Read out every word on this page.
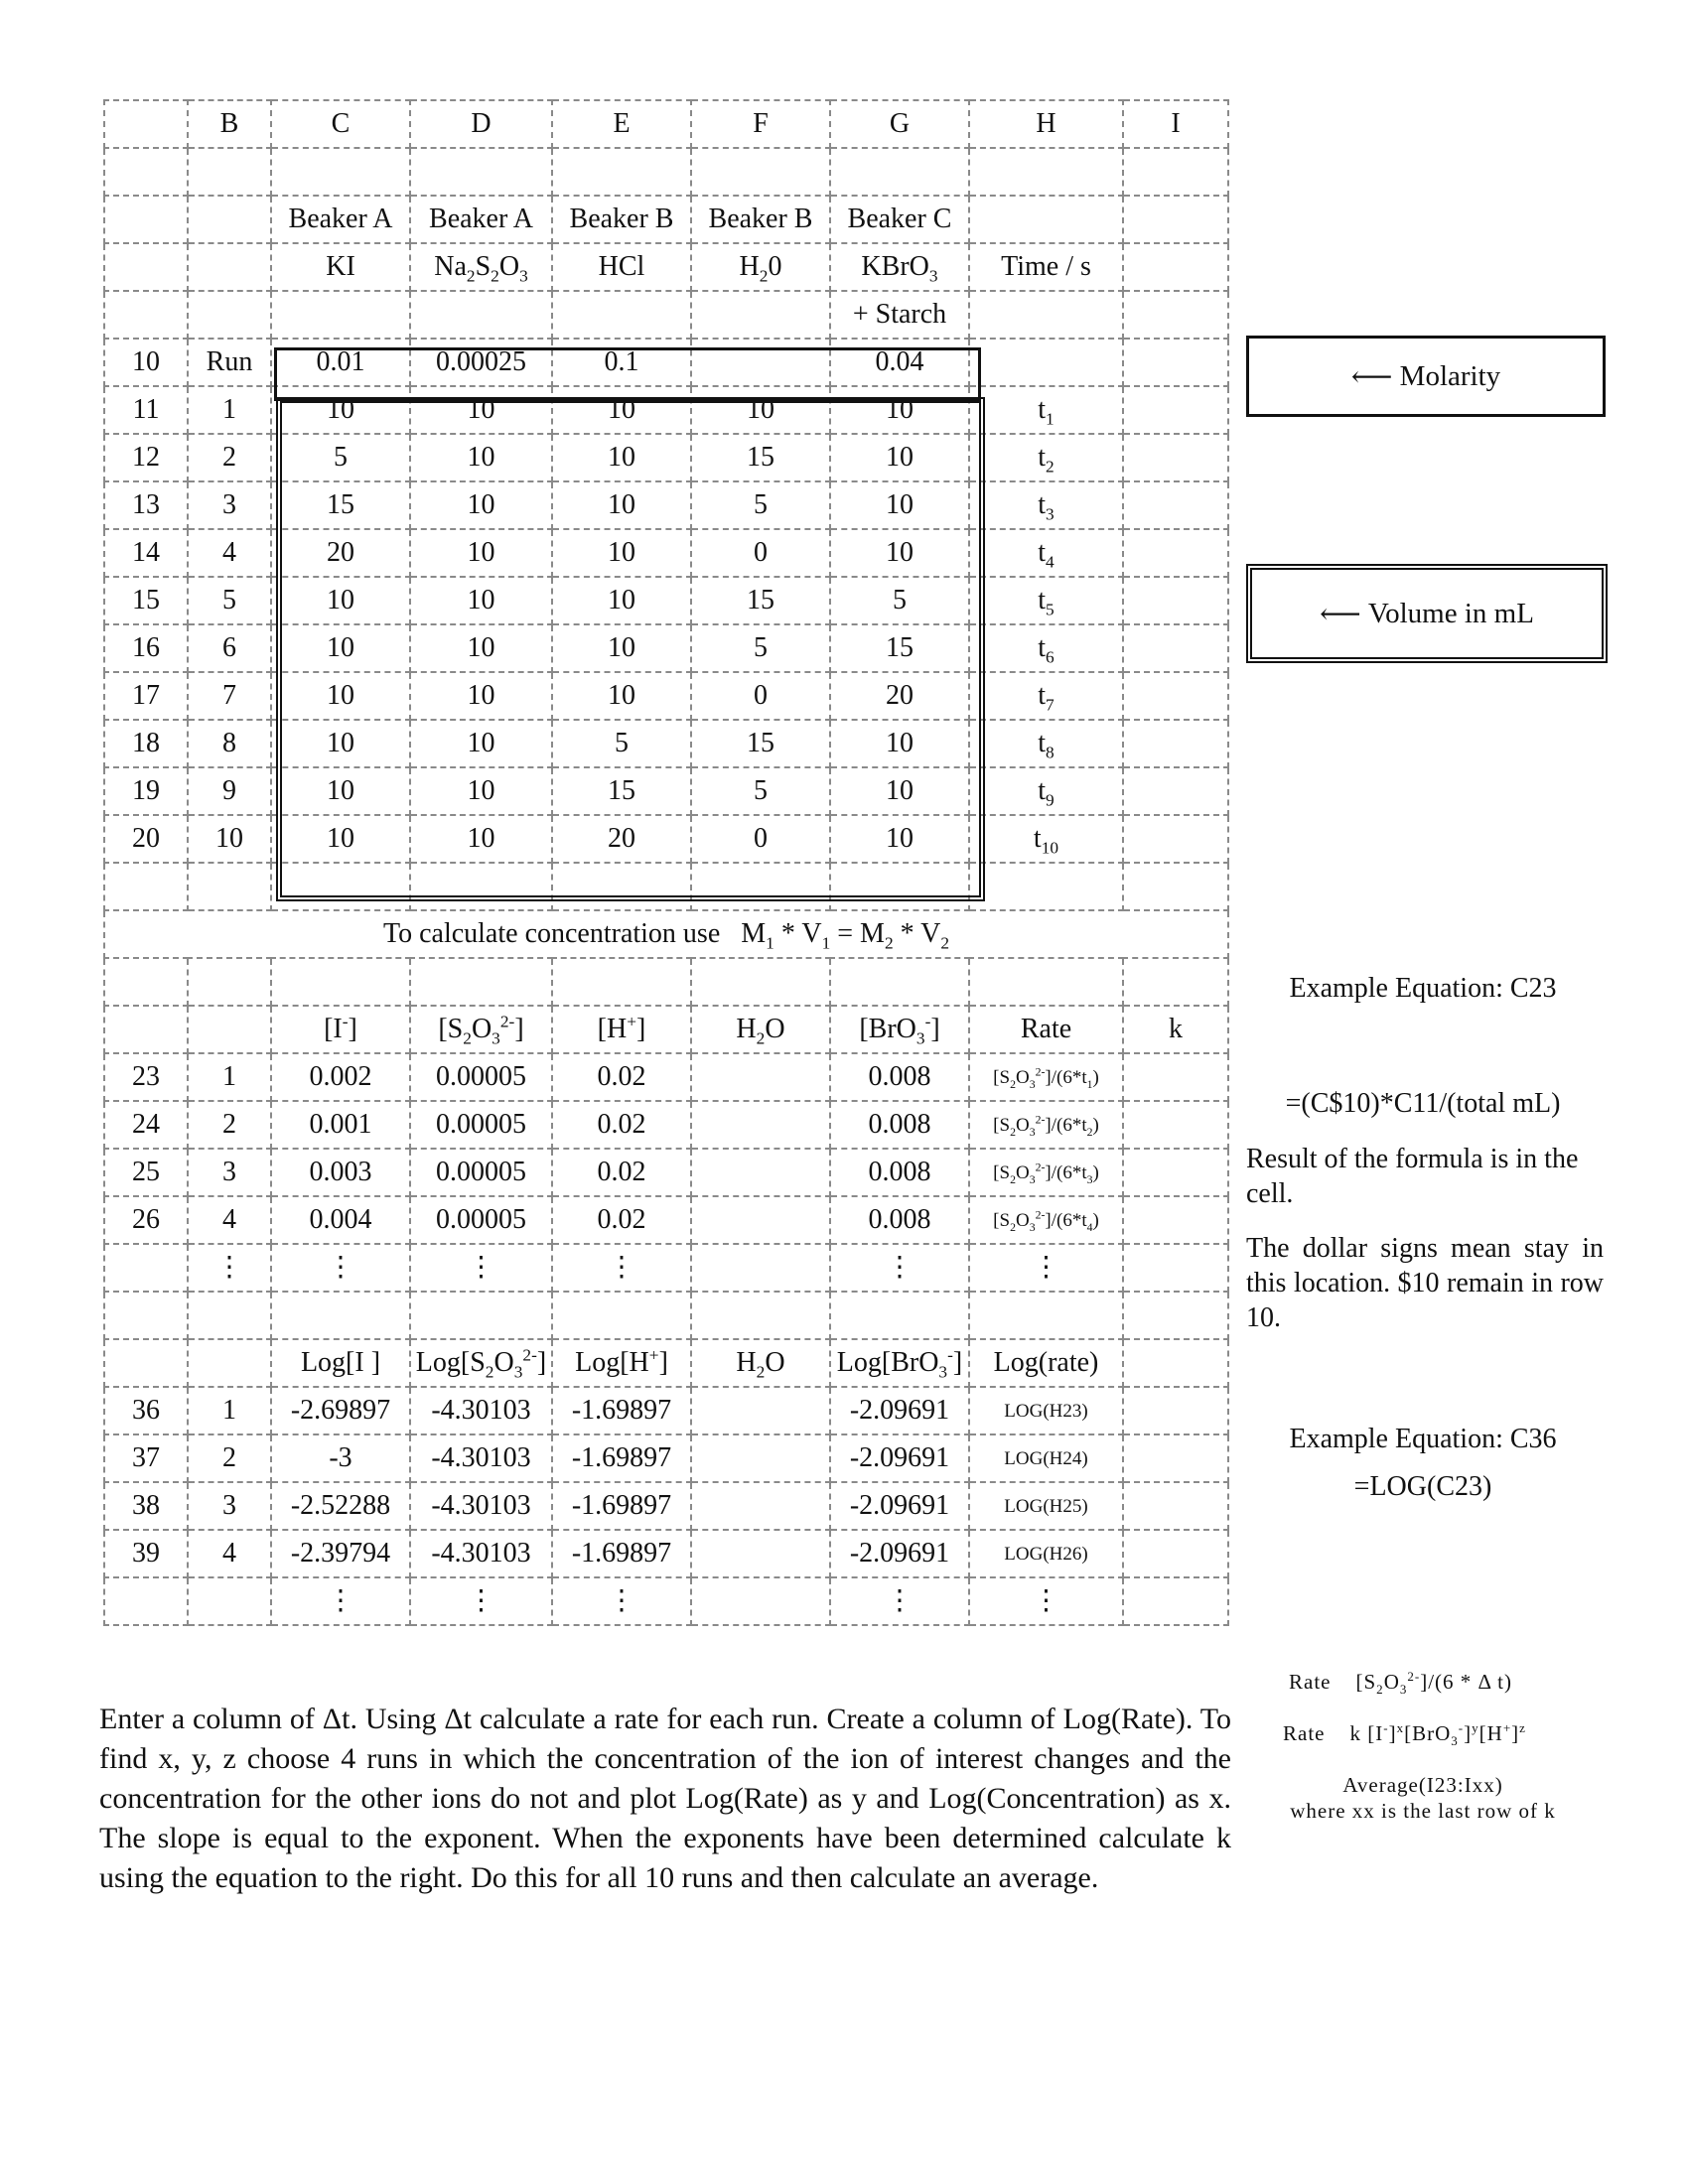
	B	C	D	E	F	G	H	I

		Beaker A	Beaker A	Beaker B	Beaker B	Beaker C		
		KI	$Na_2S_2O_3$	HCl	$H_20$	KBrO$_3$	Time / s	
						+ Starch		
10	Run	0.01	0.00025	0.1		0.04		
11	1	10	10	10	10	10	$t_1$	
12	2	5	10	10	15	10	$t_2$	
13	3	15	10	10	5	10	$t_3$	
14	4	20	10	10	0	10	$t_4$	
15	5	10	10	10	15	5	$t_5$	
16	6	10	10	10	5	15	$t_6$	
17	7	10	10	10	0	20	$t_7$	
18	8	10	10	5	15	10	$t_8$	
19	9	10	10	15	5	10	$t_9$	
20	10	10	10	20	0	10	$t_{10}$	

To calculate concentration use   $M_1 * V_1 = M_2 * V_2$

		[I-]	$[S_2O_3^{2-}]$	[H+]	$H_2O$	[BrO$_3$-]	Rate	k
23	1	0.002	0.00005	0.02		0.008	$[S_2O_3^{2-}]/(6*t_1)$	
24	2	0.001	0.00005	0.02		0.008	$[S_2O_3^{2-}]/(6*t_2)$	
25	3	0.003	0.00005	0.02		0.008	$[S_2O_3^{2-}]/(6*t_3)$	
26	4	0.004	0.00005	0.02		0.008	$[S_2O_3^{2-}]/(6*t_4)$	
	⋮	⋮	⋮	⋮		⋮	⋮	

		Log[I ]	$Log[S_2O_3^{2-}]$	Log[H+]	$H_2O$	Log[BrO$_3$-]	Log(rate)	
36	1	-2.69897	-4.30103	-1.69897		-2.09691	LOG(H23)	
37	2	-3	-4.30103	-1.69897		-2.09691	LOG(H24)	
38	3	-2.52288	-4.30103	-1.69897		-2.09691	LOG(H25)	
39	4	-2.39794	-4.30103	-1.69897		-2.09691	LOG(H26)	
		⋮	⋮	⋮		⋮	⋮	
⟵ Molarity
⟵ Volume in mL
Example Equation: C23
=(C$10)*C11/(total mL)
Result of the formula is in the cell.
The dollar signs mean stay in this location. $10 remain in row 10.
Example Equation: C36
=LOG(C23)
Rate    $[S_2O_3^{2-}]/(6$ * Δ t)
Rate    k $[I^-]^x[BrO_3^-]^y[H^+]^z$
Average(I23:Ixx)
where xx is the last row of k
Enter a column of Δt. Using Δt calculate a rate for each run. Create a column of Log(Rate). To find x, y, z choose 4 runs in which the concentration of the ion of interest changes and the concentration for the other ions do not and plot Log(Rate) as y and Log(Concentration) as x. The slope is equal to the exponent. When the exponents have been determined calculate k using the equation to the right. Do this for all 10 runs and then calculate an average.
